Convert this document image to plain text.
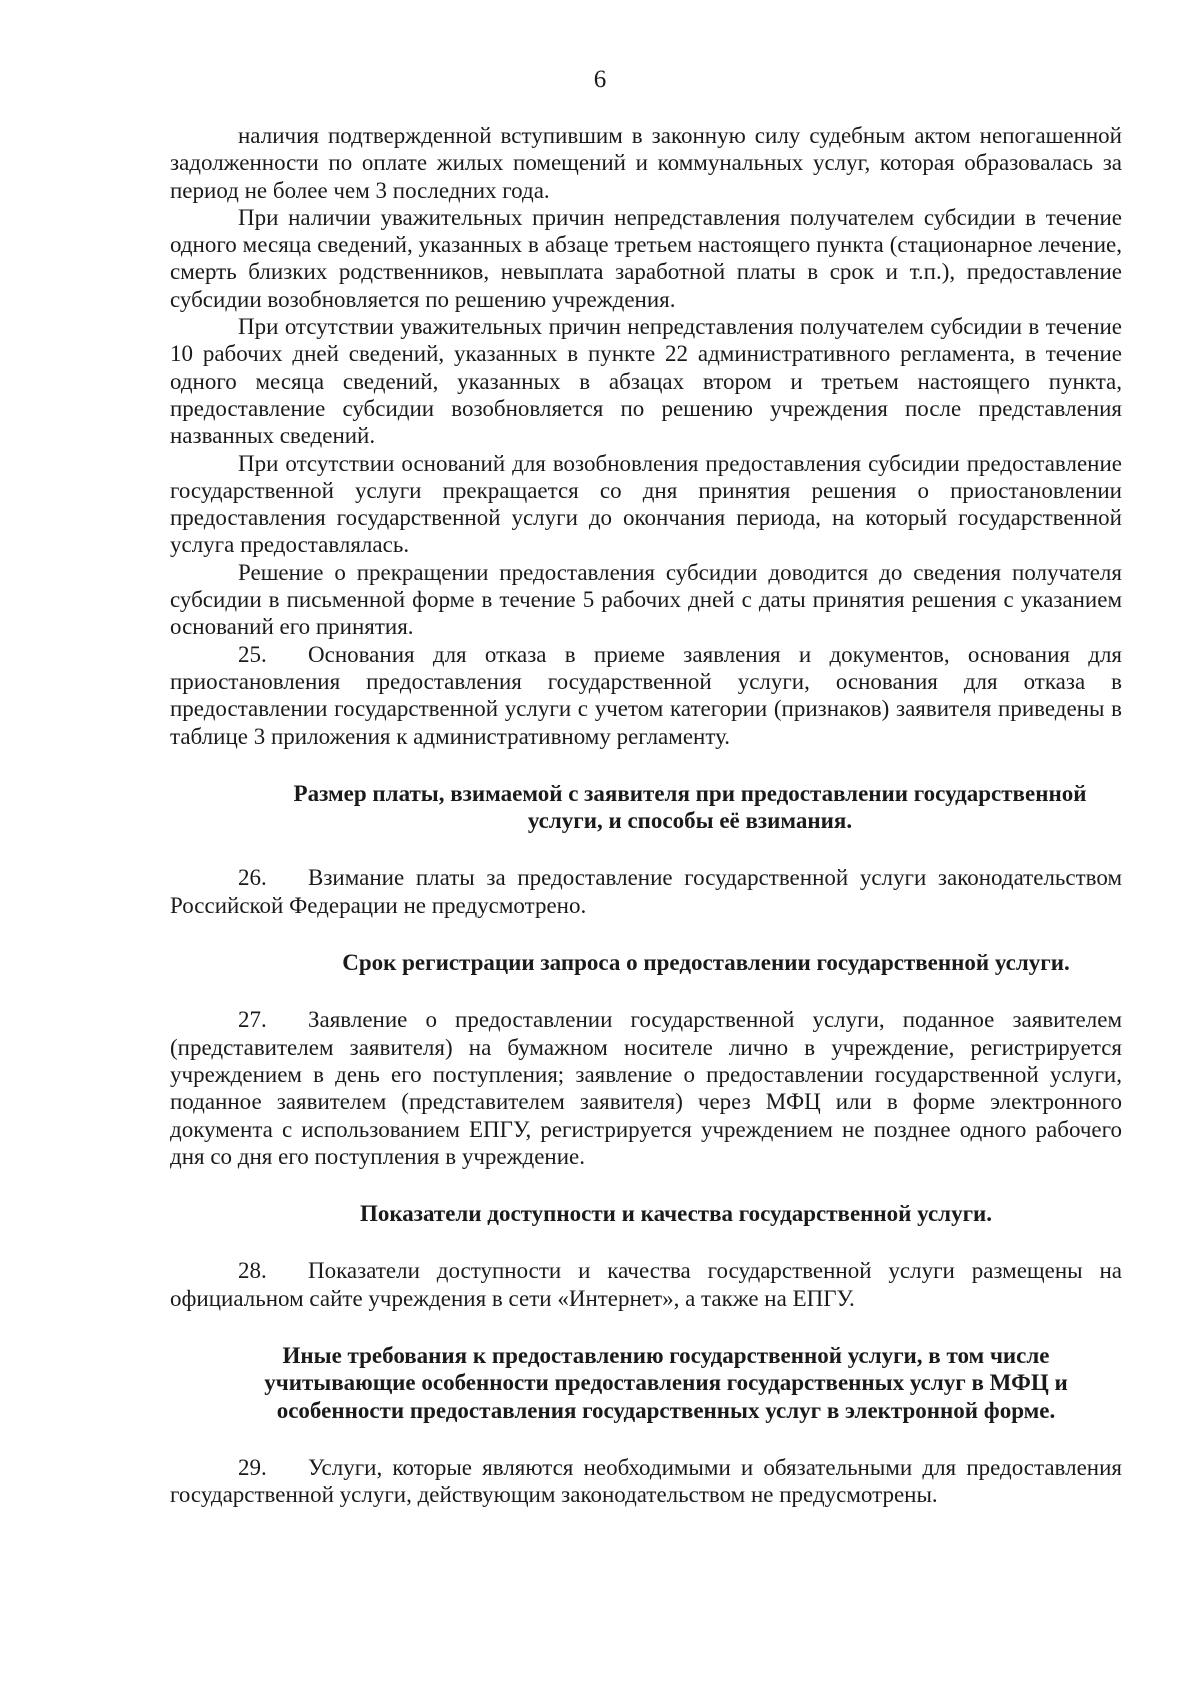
6

наличия подтвержденной вступившим в законную силу судебным актом непогашенной задолженности по оплате жилых помещений и коммунальных услуг, которая образовалась за период не более чем 3 последних года.

При наличии уважительных причин непредставления получателем субсидии в течение одного месяца сведений, указанных в абзаце третьем настоящего пункта (стационарное лечение, смерть близких родственников, невыплата заработной платы в срок и т.п.), предоставление субсидии возобновляется по решению учреждения.

При отсутствии уважительных причин непредставления получателем субсидии в течение 10 рабочих дней сведений, указанных в пункте 22 административного регламента, в течение одного месяца сведений, указанных в абзацах втором и третьем настоящего пункта, предоставление субсидии возобновляется по решению учреждения после представления названных сведений.

При отсутствии оснований для возобновления предоставления субсидии предоставление государственной услуги прекращается со дня принятия решения о приостановлении предоставления государственной услуги до окончания периода, на который государственной услуга предоставлялась.

Решение о прекращении предоставления субсидии доводится до сведения получателя субсидии в письменной форме в течение 5 рабочих дней с даты принятия решения с указанием оснований его принятия.

25. Основания для отказа в приеме заявления и документов, основания для приостановления предоставления государственной услуги, основания для отказа в предоставлении государственной услуги с учетом категории (признаков) заявителя приведены в таблице 3 приложения к административному регламенту.

Размер платы, взимаемой с заявителя при предоставлении государственной услуги, и способы её взимания.

26. Взимание платы за предоставление государственной услуги законодательством Российской Федерации не предусмотрено.

Срок регистрации запроса о предоставлении государственной услуги.

27. Заявление о предоставлении государственной услуги, поданное заявителем (представителем заявителя) на бумажном носителе лично в учреждение, регистрируется учреждением в день его поступления; заявление о предоставлении государственной услуги, поданное заявителем (представителем заявителя) через МФЦ или в форме электронного документа с использованием ЕПГУ, регистрируется учреждением не позднее одного рабочего дня со дня его поступления в учреждение.

Показатели доступности и качества государственной услуги.

28. Показатели доступности и качества государственной услуги размещены на официальном сайте учреждения в сети «Интернет», а также на ЕПГУ.

Иные требования к предоставлению государственной услуги, в том числе учитывающие особенности предоставления государственных услуг в МФЦ и особенности предоставления государственных услуг в электронной форме.

29. Услуги, которые являются необходимыми и обязательными для предоставления государственной услуги, действующим законодательством не предусмотрены.
